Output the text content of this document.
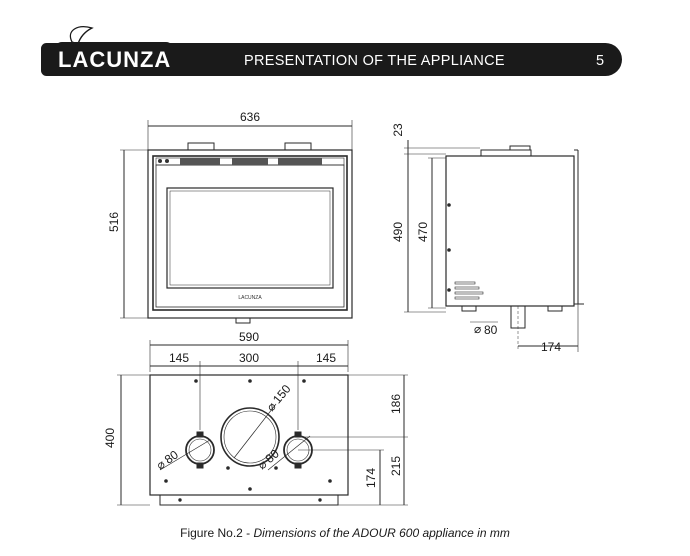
LACUNZA	PRESENTATION OF THE APPLIANCE	5
LACUNZA
636
516
23
490 470
⌀ 80
174
590
145	300	145
400
⌀
150
⌀
80	⌀
80
186
215
174
Figure No.2 - Dimensions of the ADOUR 600 appliance in mm
